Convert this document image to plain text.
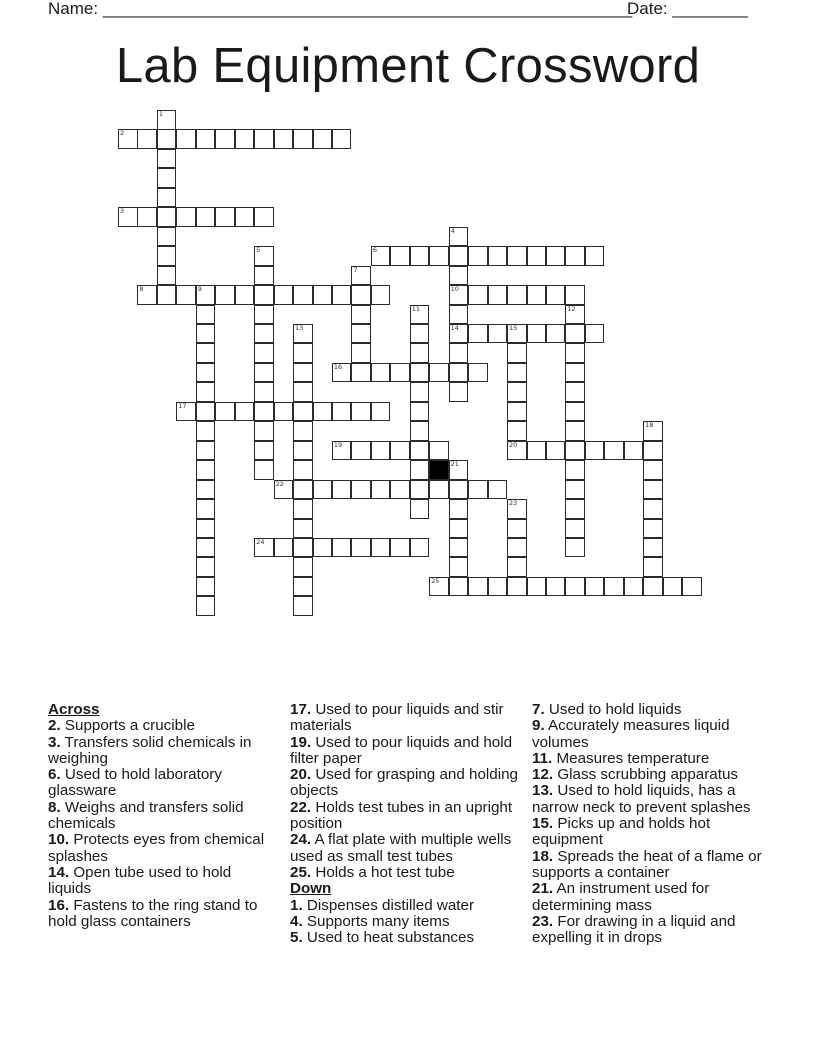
Name: ________________________________________________________
Date: ________
Lab Equipment Crossword
2
3
6
8	9	10
14	15
16
17
19	20
22
24
25
1
4
5
7
11	12
13
18
21
23
Across
2. Supports a crucible
3. Transfers solid chemicals in weighing
6. Used to hold laboratory glassware
8. Weighs and transfers solid chemicals
10. Protects eyes from chemical splashes
14. Open tube used to hold liquids
16. Fastens to the ring stand to hold glass containers
17. Used to pour liquids and stir materials
19. Used to pour liquids and hold filter paper
20. Used for grasping and holding objects
22. Holds test tubes in an upright position
24. A flat plate with multiple wells used as small test tubes
25. Holds a hot test tube
Down
1. Dispenses distilled water
4. Supports many items
5. Used to heat substances
7. Used to hold liquids
9. Accurately measures liquid volumes
11. Measures temperature
12. Glass scrubbing apparatus
13. Used to hold liquids, has a narrow neck to prevent splashes
15. Picks up and holds hot equipment
18. Spreads the heat of a flame or supports a container
21. An instrument used for determining mass
23. For drawing in a liquid and expelling it in drops
